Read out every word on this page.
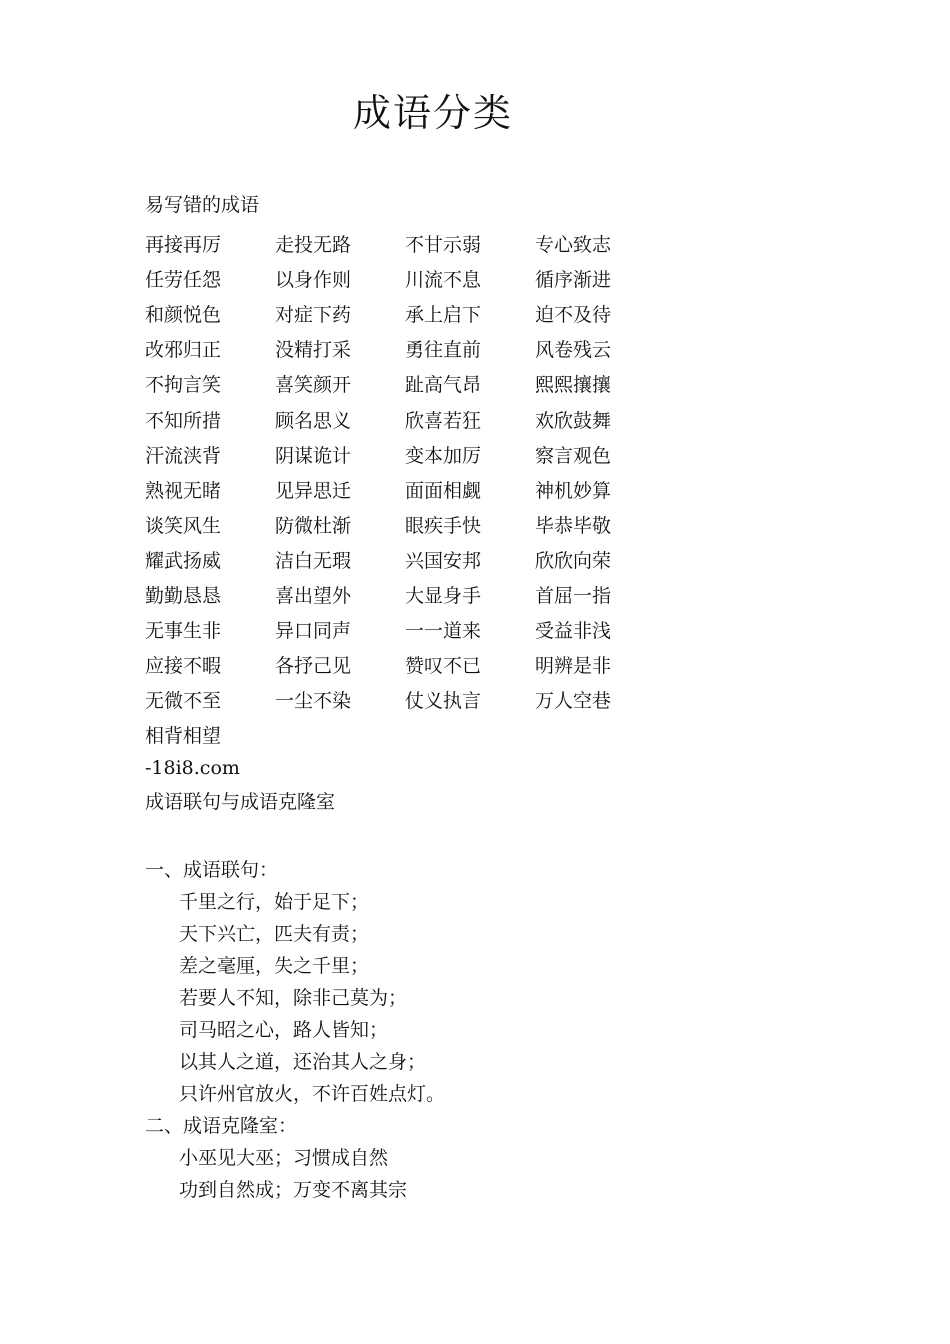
成语分类
易写错的成语
再接再厉	走投无路	不甘示弱	专心致志
任劳任怨	以身作则	川流不息	循序渐进
和颜悦色	对症下药	承上启下	迫不及待
改邪归正	没精打采	勇往直前	风卷残云
不拘言笑	喜笑颜开	趾高气昂	熙熙攘攘
不知所措	顾名思义	欣喜若狂	欢欣鼓舞
汗流浃背	阴谋诡计	变本加厉	察言观色
熟视无睹	见异思迁	面面相觑	神机妙算
谈笑风生	防微杜渐	眼疾手快	毕恭毕敬
耀武扬威	洁白无瑕	兴国安邦	欣欣向荣
勤勤恳恳	喜出望外	大显身手	首屈一指
无事生非	异口同声	一一道来	受益非浅
应接不暇	各抒己见	赞叹不已	明辨是非
无微不至	一尘不染	仗义执言	万人空巷
相背相望
-18i8.com
成语联句与成语克隆室
一、成语联句：
千里之行，始于足下；
天下兴亡，匹夫有责；
差之毫厘，失之千里；
若要人不知，除非己莫为；
司马昭之心，路人皆知；
以其人之道，还治其人之身；
只许州官放火，不许百姓点灯。
二、成语克隆室：
小巫见大巫；习惯成自然
功到自然成；万变不离其宗
